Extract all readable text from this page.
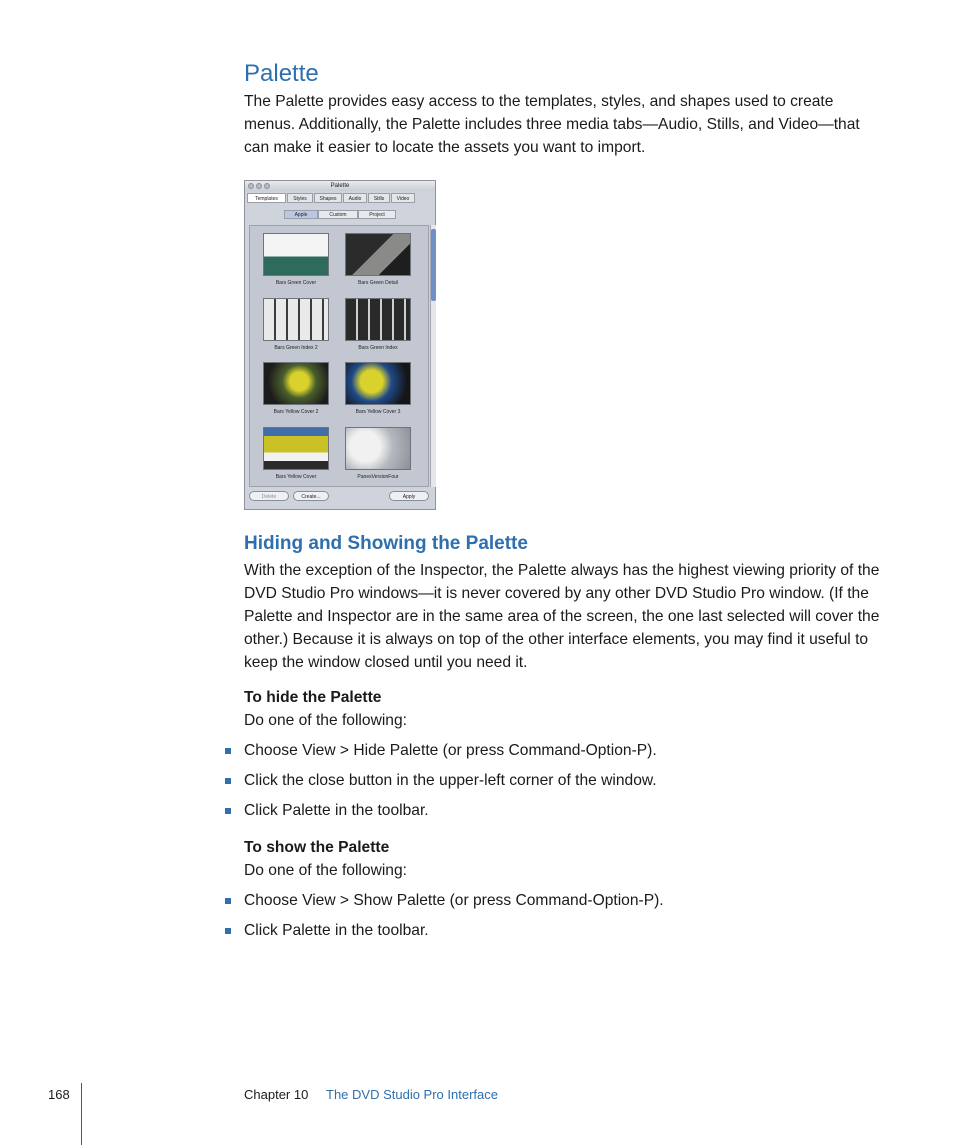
Palette

The Palette provides easy access to the templates, styles, and shapes used to create menus. Additionally, the Palette includes three media tabs—Audio, Stills, and Video—that can make it easier to locate the assets you want to import.

Palette
Templates	Styles	Shapes	Audio	Stills	Video
Apple	Custom	Project
Bars Green Cover	Bars Green Detail
Bars Green Index 2	Bars Green Index
Bars Yellow Cover 2	Bars Yellow Cover 3
Bars Yellow Cover	PanesVersionFour
Delete	Create...	Apply
Hiding and Showing the Palette

With the exception of the Inspector, the Palette always has the highest viewing priority of the DVD Studio Pro windows—it is never covered by any other DVD Studio Pro window. (If the Palette and Inspector are in the same area of the screen, the one last selected will cover the other.) Because it is always on top of the other interface elements, you may find it useful to keep the window closed until you need it.

To hide the Palette
Do one of the following:
Choose View > Hide Palette (or press Command-Option-P).
Click the close button in the upper-left corner of the window.
Click Palette in the toolbar.
To show the Palette
Do one of the following:
Choose View > Show Palette (or press Command-Option-P).
Click Palette in the toolbar.
168	Chapter 10 The DVD Studio Pro Interface
